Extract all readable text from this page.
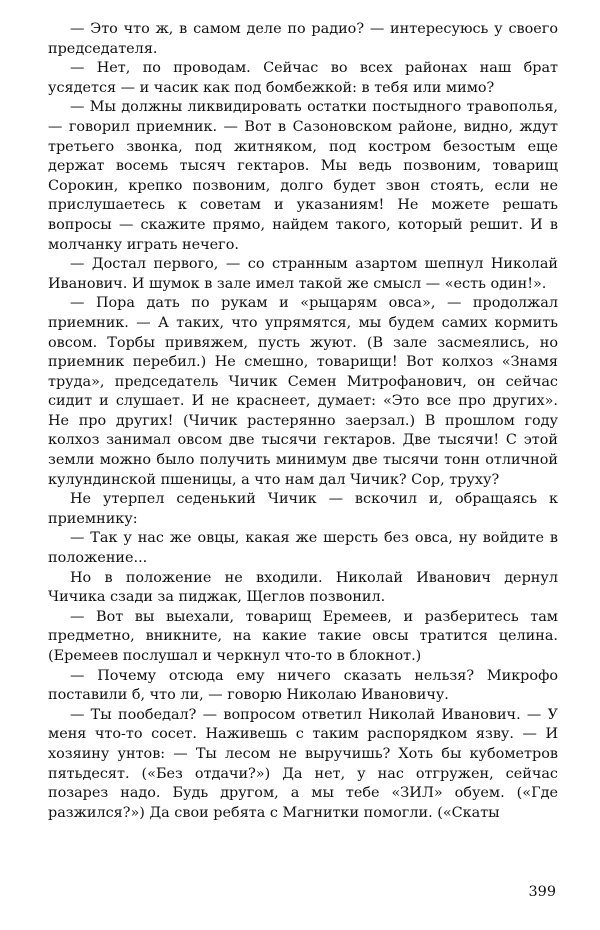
— Это что ж, в самом деле по радио? — интересуюсь у своего председателя.

— Нет, по проводам. Сейчас во всех районах наш брат усядется — и часик как под бомбежкой: в тебя или мимо?

— Мы должны ликвидировать остатки постыдного травополья, — говорил приемник. — Вот в Сазоновском районе, видно, ждут третьего звонка, под житняком, под костром безостым еще держат восемь тысяч гектаров. Мы ведь позвоним, товарищ Сорокин, крепко позвоним, долго будет звон стоять, если не прислушаетесь к советам и указаниям! Не можете решать вопросы — скажите прямо, найдем такого, который решит. И в молчанку играть нечего.

— Достал первого, — со странным азартом шепнул Николай Иванович. И шумок в зале имел такой же смысл — «есть один!».

— Пора дать по рукам и «рыцарям овса», — продолжал приемник. — А таких, что упрямятся, мы будем самих кормить овсом. Торбы привяжем, пусть жуют. (В зале засмеялись, но приемник перебил.) Не смешно, товарищи! Вот колхоз «Знамя труда», председатель Чичик Семен Митрофанович, он сейчас сидит и слушает. И не краснеет, думает: «Это все про других». Не про других! (Чичик растерянно заерзал.) В прошлом году колхоз занимал овсом две тысячи гектаров. Две тысячи! С этой земли можно было получить минимум две тысячи тонн отличной кулундинской пшеницы, а что нам дал Чичик? Сор, труху?

Не утерпел седенький Чичик — вскочил и, обращаясь к приемнику:

— Так у нас же овцы, какая же шерсть без овса, ну войдите в положение...

Но в положение не входили. Николай Иванович дернул Чичика сзади за пиджак, Щеглов позвонил.

— Вот вы выехали, товарищ Еремеев, и разберитесь там предметно, вникните, на какие такие овсы тратится целина. (Еремеев послушал и черкнул что-то в блокнот.)

— Почему отсюда ему ничего сказать нельзя? Микрофо поставили б, что ли, — говорю Николаю Ивановичу.

— Ты пообедал? — вопросом ответил Николай Иванович. — У меня что-то сосет. Наживешь с таким распорядком язву. — И хозяину унтов: — Ты лесом не выручишь? Хоть бы кубометров пятьдесят. («Без отдачи?») Да нет, у нас отгружен, сейчас позарез надо. Будь другом, а мы тебе «ЗИЛ» обуем. («Где разжился?») Да свои ребята с Магнитки помогли. («Скаты

399
